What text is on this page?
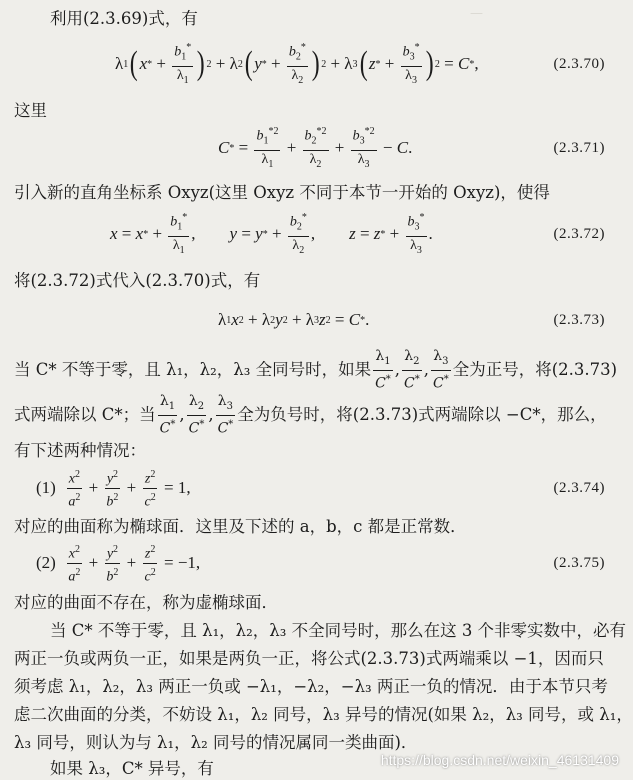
—
利用(2.3.69)式，有
λ 1 ( x * + $\frac{b_1^*}{\lambda_1}$ ) 2 + λ 2 ( y * + $\frac{b_2^*}{\lambda_2}$ ) 2 + λ 3 ( z * + $\frac{b_3^*}{\lambda_3}$ ) 2 = C * ,	(2.3.70)
这里
C * = $\frac{b_1^{*2}}{\lambda_1} + \frac{b_2^{*2}}{\lambda_2} + \frac{b_3^{*2}}{\lambda_3} - C$ .	(2.3.71)
引入新的直角坐标系 Oxyz(这里 Oxyz 不同于本节一开始的 Oxyz)，使得
x = x * + $\frac{b_1^*}{\lambda_1}$ , y = y * + $\frac{b_2^*}{\lambda_2}$ , z = z * + $\frac{b_3^*}{\lambda_3}$ .	(2.3.72)
将(2.3.72)式代入(2.3.70)式，有
λ 1 x 2 + λ 2 y 2 + λ 3 z 2 = C * .	(2.3.73)
当 C* 不等于零，且 λ₁，λ₂，λ₃ 全同号时，如果 $\frac{\lambda_1}{C^*}$ , $\frac{\lambda_2}{C^*}$ , $\frac{\lambda_3}{C^*}$ 全为正号，将(2.3.73)
式两端除以 C*；当 $\frac{\lambda_1}{C^*}$ , $\frac{\lambda_2}{C^*}$ , $\frac{\lambda_3}{C^*}$ 全为负号时，将(2.3.73)式两端除以 −C*，那么，
有下述两种情况：
(1)
$\frac{x^2}{a^2} + \frac{y^2}{b^2} + \frac{z^2}{c^2} = 1$,	(2.3.74)
对应的曲面称为椭球面．这里及下述的 a，b，c 都是正常数．
(2)
$\frac{x^2}{a^2} + \frac{y^2}{b^2} + \frac{z^2}{c^2} = -1$,	(2.3.75)
对应的曲面不存在，称为虚椭球面．
当 C* 不等于零，且 λ₁，λ₂，λ₃ 不全同号时，那么在这 3 个非零实数中，必有
两正一负或两负一正，如果是两负一正，将公式(2.3.73)式两端乘以 −1，因而只
须考虑 λ₁，λ₂，λ₃ 两正一负或 −λ₁，−λ₂，−λ₃ 两正一负的情况．由于本节只考
虑二次曲面的分类，不妨设 λ₁，λ₂ 同号，λ₃ 异号的情况(如果 λ₂，λ₃ 同号，或 λ₁，
λ₃ 同号，则认为与 λ₁，λ₂ 同号的情况属同一类曲面)．
如果 λ₃，C* 异号，有	https://blog.csdn.net/weixin_46131409
